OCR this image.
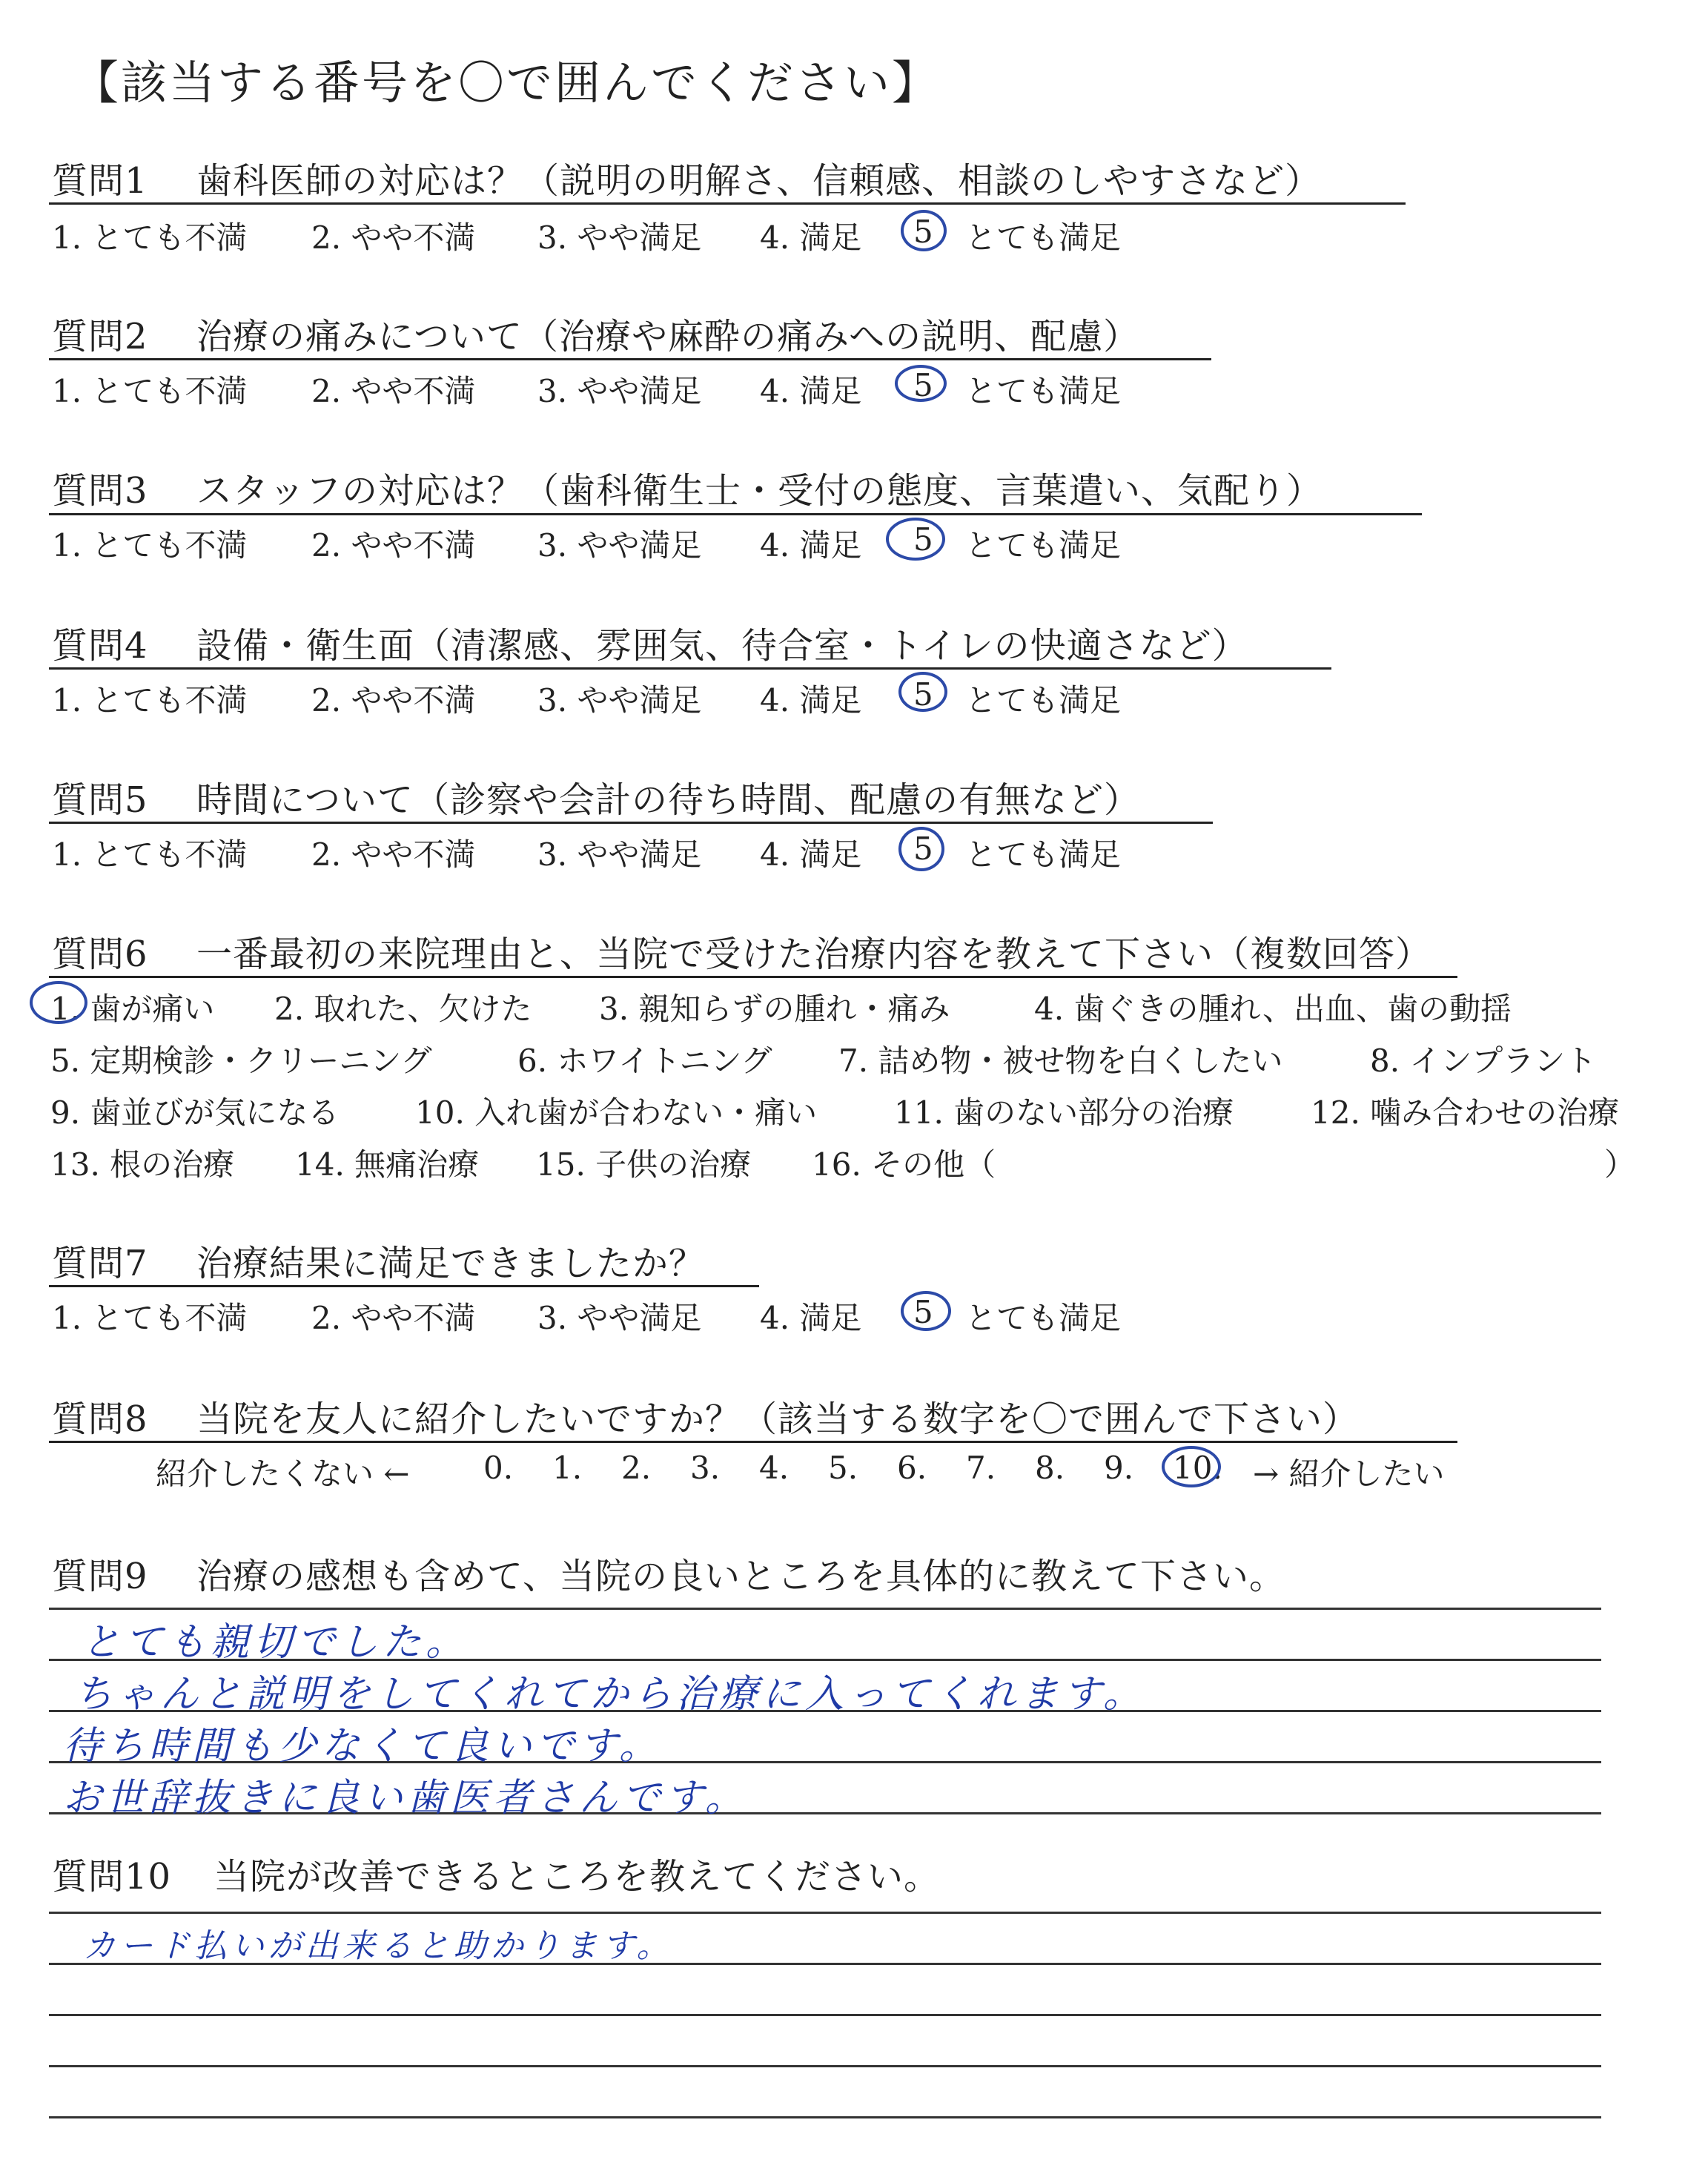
【該当する番号を〇で囲んでください】
質問1 歯科医師の対応は？（説明の明解さ、信頼感、相談のしやすさなど）
1. とても不満 2. やや不満 3. やや満足 4. 満足 5 とても満足
質問2 治療の痛みについて（治療や麻酔の痛みへの説明、配慮）
1. とても不満 2. やや不満 3. やや満足 4. 満足 5 とても満足
質問3 スタッフの対応は？（歯科衛生士・受付の態度、言葉遣い、気配り）
1. とても不満 2. やや不満 3. やや満足 4. 満足 5 とても満足
質問4 設備・衛生面（清潔感、雰囲気、待合室・トイレの快適さなど）
1. とても不満 2. やや不満 3. やや満足 4. 満足 5 とても満足
質問5 時間について（診察や会計の待ち時間、配慮の有無など）
1. とても不満 2. やや不満 3. やや満足 4. 満足 5 とても満足
質問6 一番最初の来院理由と、当院で受けた治療内容を教えて下さい（複数回答）
1. 歯が痛い 2. 取れた、欠けた 3. 親知らずの腫れ・痛み	4. 歯ぐきの腫れ、出血、歯の動揺
5. 定期検診・クリーニング	6. ホワイトニング 7. 詰め物・被せ物を白くしたい	8. インプラント
9. 歯並びが気になる 10. 入れ歯が合わない・痛い 11. 歯のない部分の治療 12. 噛み合わせの治療
13. 根の治療 14. 無痛治療 15. 子供の治療 16. その他（	）
質問7 治療結果に満足できましたか？
1. とても不満 2. やや不満 3. やや満足 4. 満足 5 とても満足
質問8 当院を友人に紹介したいですか？（該当する数字を〇で囲んで下さい）
紹介したくない ← 0. 1. 2. 3. 4. 5. 6. 7. 8. 9. 10. → 紹介したい
質問9 治療の感想も含めて、当院の良いところを具体的に教えて下さい。
とても親切でした。
ちゃんと説明をしてくれてから治療に入ってくれます。
待ち時間も少なくて良いです。
お世辞抜きに良い歯医者さんです。
質問10 当院が改善できるところを教えてください。
カード払いが出来ると助かります。
